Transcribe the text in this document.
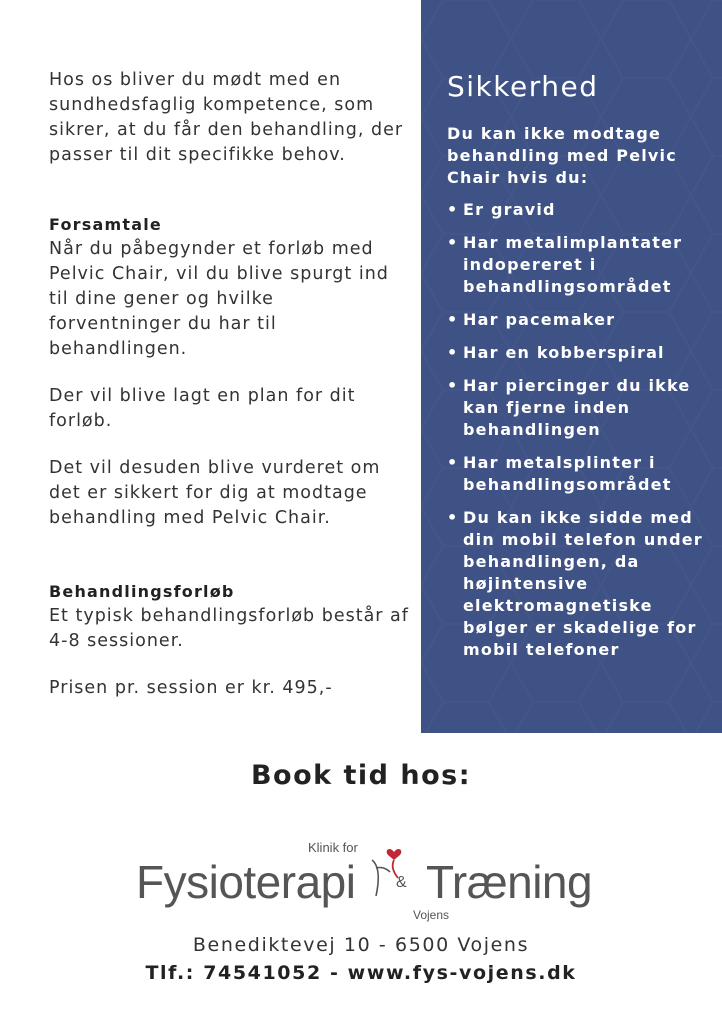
Hos os bliver du mødt med en sundhedsfaglig kompetence, som sikrer, at du får den behandling, der passer til dit specifikke behov.

Forsamtale

Når du påbegynder et forløb med Pelvic Chair, vil du blive spurgt ind til dine gener og hvilke forventninger du har til behandlingen.

Der vil blive lagt en plan for dit forløb.

Det vil desuden blive vurderet om det er sikkert for dig at modtage behandling med Pelvic Chair.

Behandlingsforløb

Et typisk behandlingsforløb består af 4-8 sessioner.

Prisen pr. session er kr. 495,-

Sikkerhed

Du kan ikke modtage behandling med Pelvic Chair hvis du:

• Er gravid
• Har metalimplantater indopereret i behandlingsområdet
• Har pacemaker
• Har en kobberspiral
• Har piercinger du ikke kan fjerne inden behandlingen
• Har metalsplinter i behandlingsområdet
• Du kan ikke sidde med din mobil telefon under behandlingen, da højintensive elektromagnetiske bølger er skadelige for mobil telefoner
Book tid hos:
Klinik for
Fysioterapi	& Træning
Vojens
Benediktevej 10 - 6500 Vojens
Tlf.: 74541052 - www.fys-vojens.dk
